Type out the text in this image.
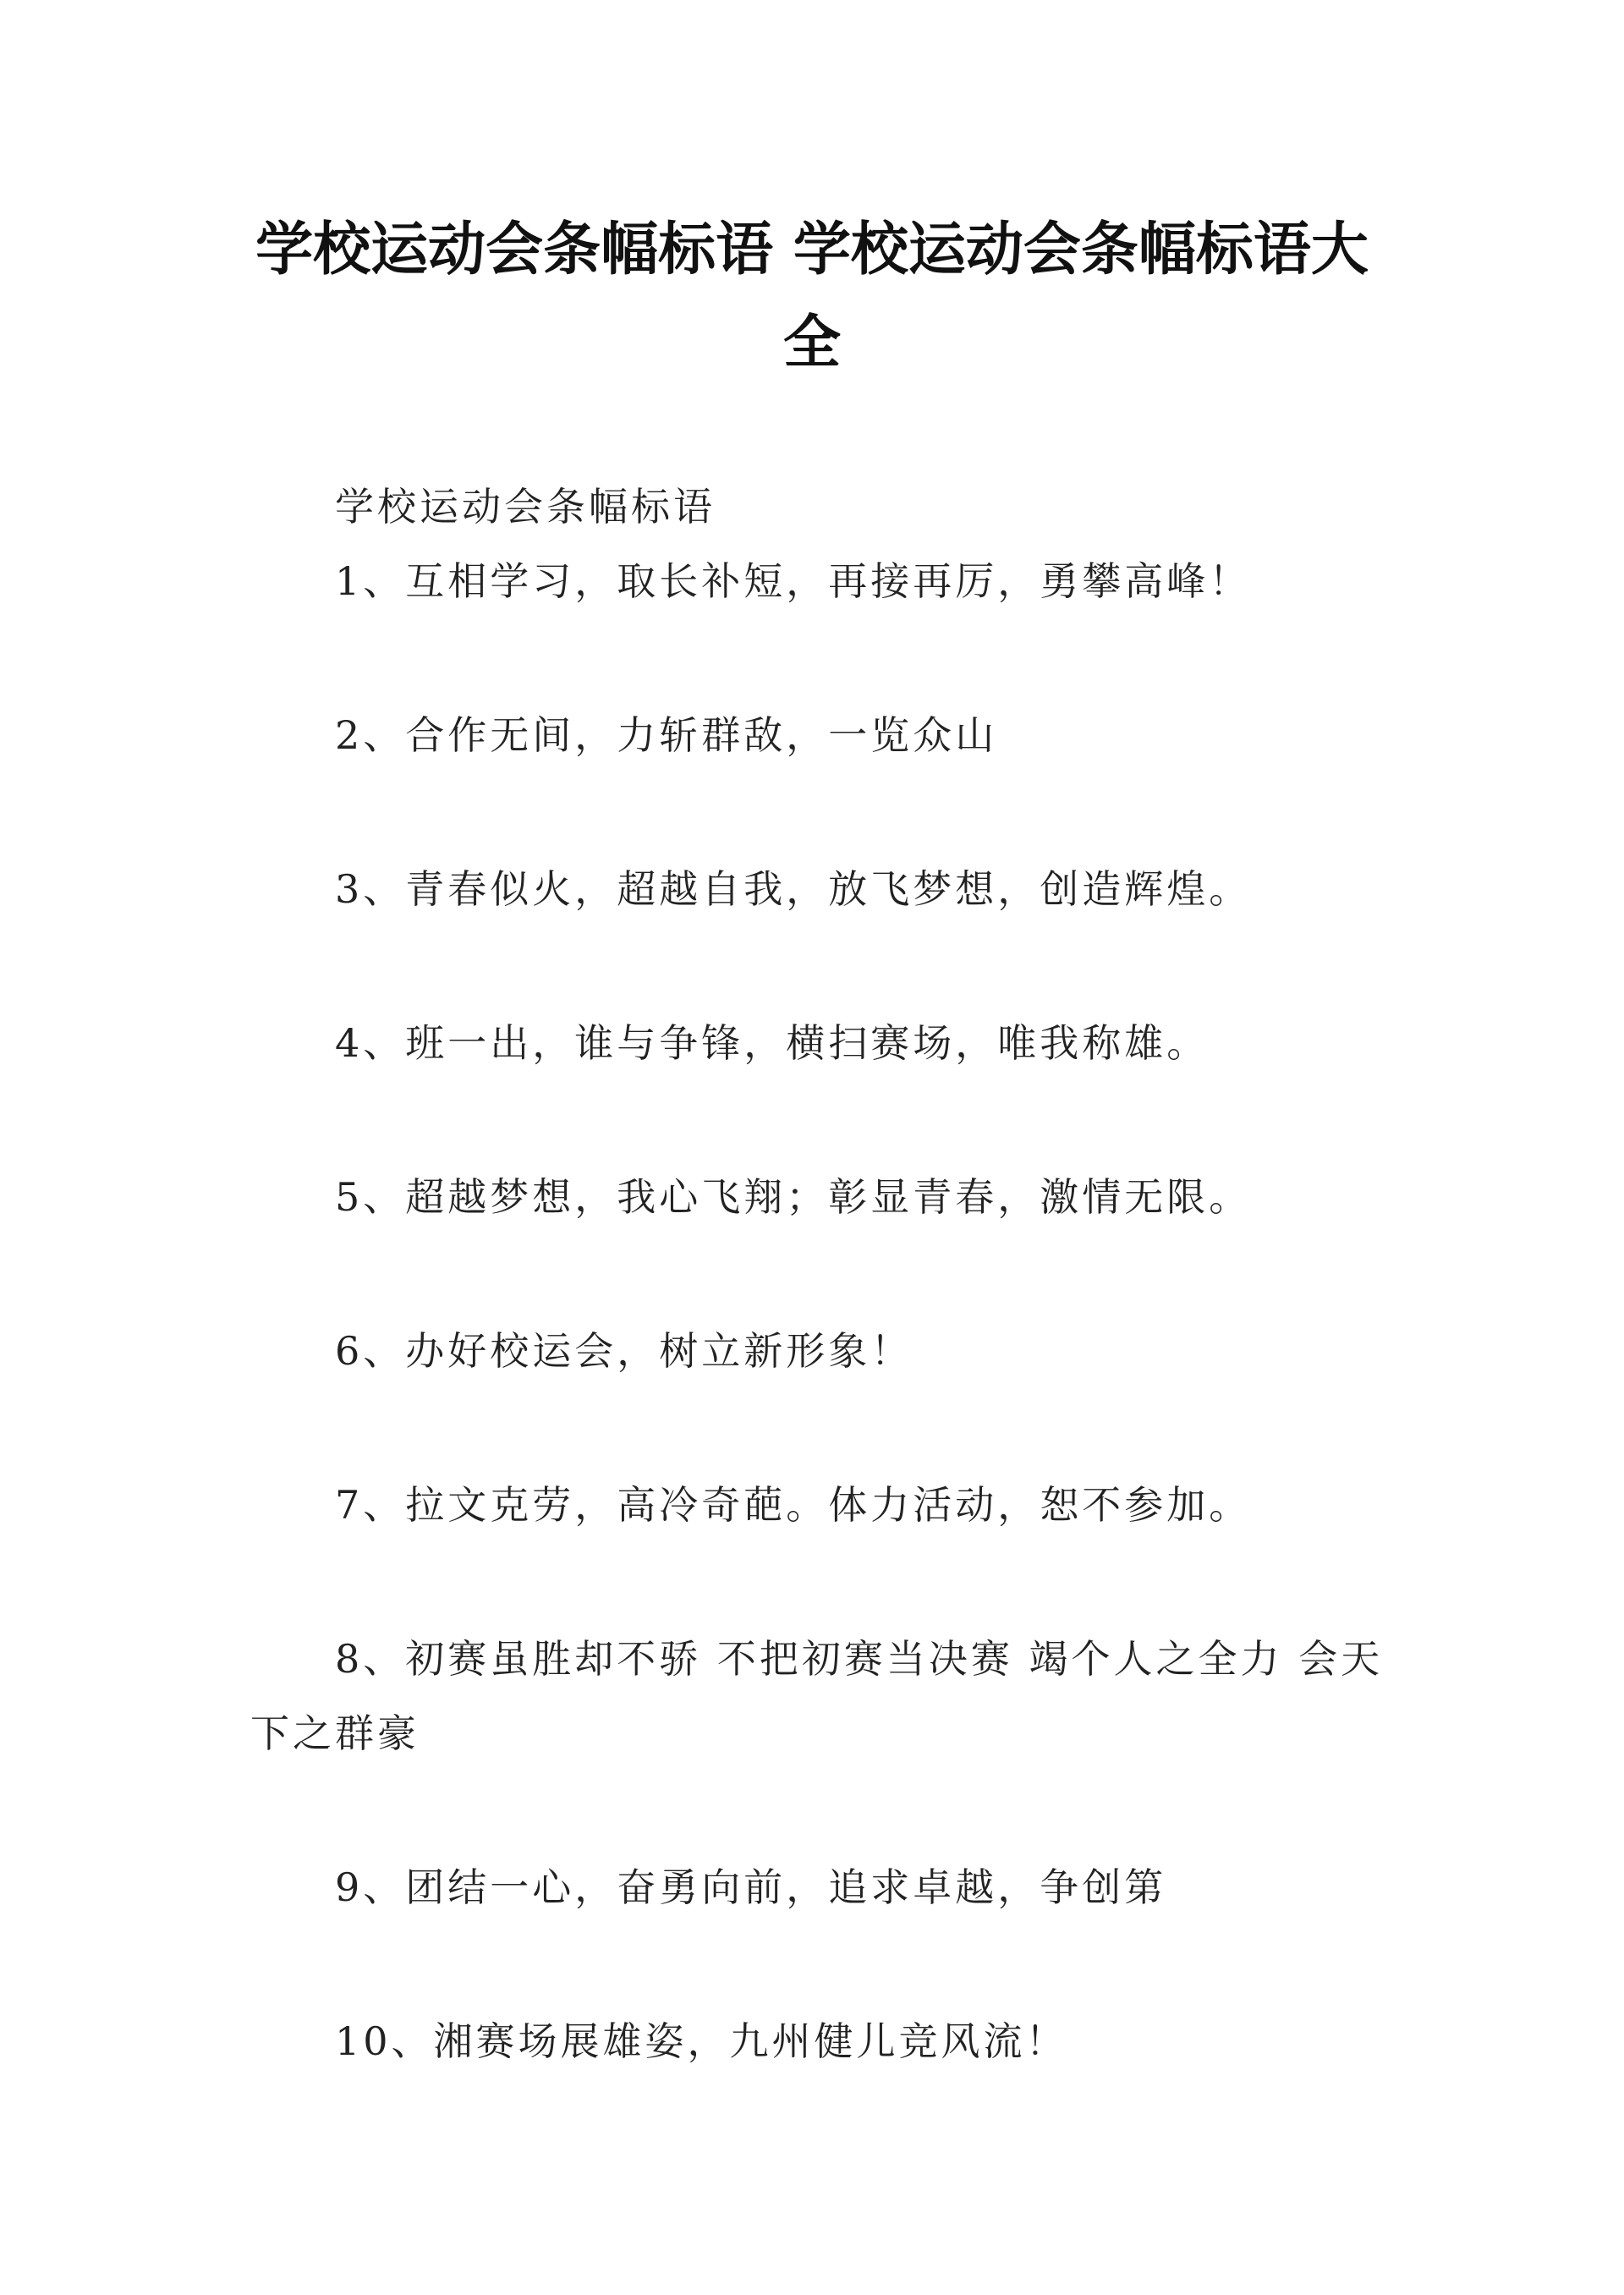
学校运动会条幅标语 学校运动会条幅标语大全

学校运动会条幅标语

1、互相学习，取长补短，再接再厉，勇攀高峰！

2、合作无间，力斩群敌，一览众山

3、青春似火，超越自我，放飞梦想，创造辉煌。

4、班一出，谁与争锋，横扫赛场，唯我称雄。

5、超越梦想，我心飞翔；彰显青春，激情无限。

6、办好校运会，树立新形象！

7、拉文克劳，高冷奇葩。体力活动，恕不参加。

8、初赛虽胜却不骄 不把初赛当决赛 竭个人之全力 会天下之群豪

9、团结一心，奋勇向前，追求卓越，争创第

10、湘赛场展雄姿，九州健儿竞风流！
